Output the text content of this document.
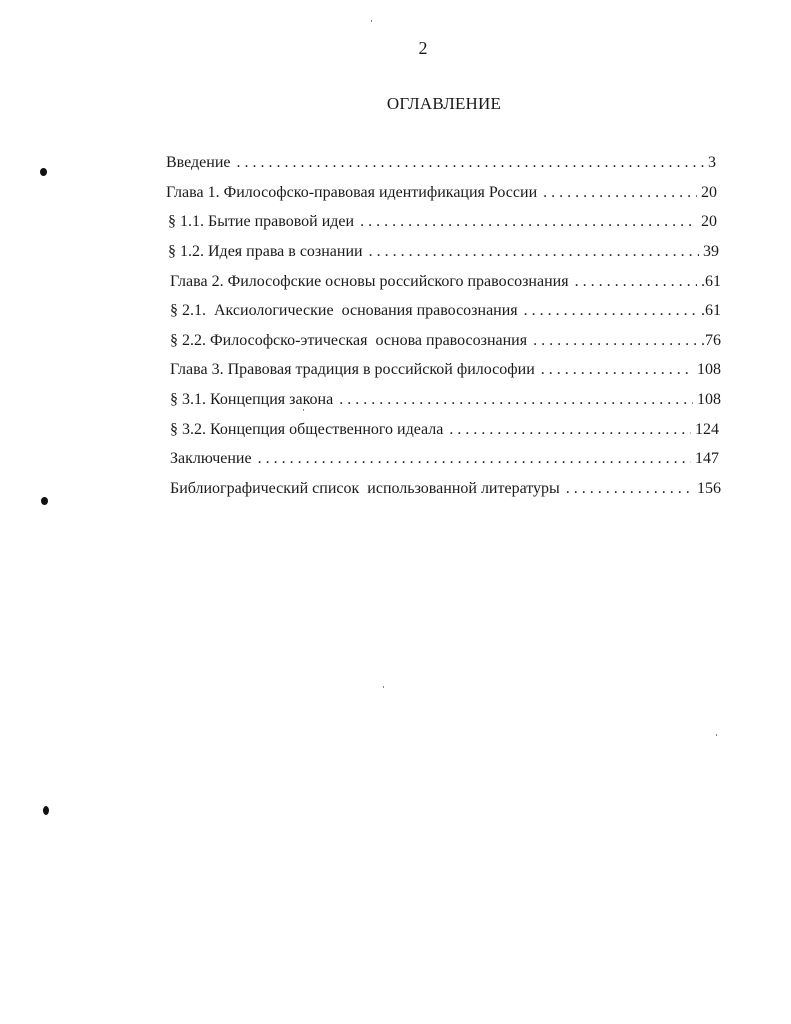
2
ОГЛАВЛЕНИЕ
Введение . . .	3
Глава 1. Философско-правовая идентификация России . . .	20
§ 1.1. Бытие правовой идеи . . .	20
§ 1.2. Идея права в сознании . . .	39
Глава 2. Философские основы российского правосознания . . .	.61
§ 2.1.  Аксиологические  основания правосознания . . .	.61
§ 2.2. Философско-этическая  основа правосознания . . .	.76
Глава 3. Правовая традиция в российской философии . . .	108
§ 3.1. Концепция закона . . .	108
§ 3.2. Концепция общественного идеала . . .	124
Заключение . . .	147
Библиографический список  использованной литературы . . .	156
